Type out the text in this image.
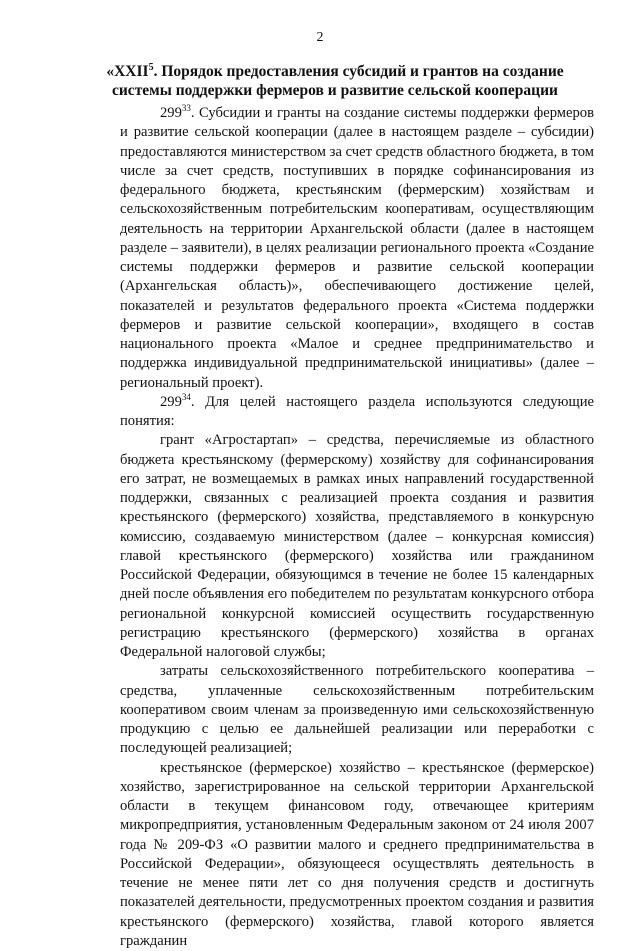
2
«XXII$^5$. Порядок предоставления субсидий и грантов на создание системы поддержки фермеров и развитие сельской кооперации

$299^{33}$. Субсидии и гранты на создание системы поддержки фермеров и развитие сельской кооперации (далее в настоящем разделе – субсидии) предоставляются министерством за счет средств областного бюджета, в том числе за счет средств, поступивших в порядке софинансирования из федерального бюджета, крестьянским (фермерским) хозяйствам и сельскохозяйственным потребительским кооперативам, осуществляющим деятельность на территории Архангельской области (далее в настоящем разделе – заявители), в целях реализации регионального проекта «Создание системы поддержки фермеров и развитие сельской кооперации (Архангельская область)», обеспечивающего достижение целей, показателей и результатов федерального проекта «Система поддержки фермеров и развитие сельской кооперации», входящего в состав национального проекта «Малое и среднее предпринимательство и поддержка индивидуальной предпринимательской инициативы» (далее – региональный проект).

$299^{34}$. Для целей настоящего раздела используются следующие понятия:

грант «Агростартап» – средства, перечисляемые из областного бюджета крестьянскому (фермерскому) хозяйству для софинансирования его затрат, не возмещаемых в рамках иных направлений государственной поддержки, связанных с реализацией проекта создания и развития крестьянского (фермерского) хозяйства, представляемого в конкурсную комиссию, создаваемую министерством (далее – конкурсная комиссия) главой крестьянского (фермерского) хозяйства или гражданином Российской Федерации, обязующимся в течение не более 15 календарных дней после объявления его победителем по результатам конкурсного отбора региональной конкурсной комиссией осуществить государственную регистрацию крестьянского (фермерского) хозяйства в органах Федеральной налоговой службы;

затраты сельскохозяйственного потребительского кооператива – средства, уплаченные сельскохозяйственным потребительским кооперативом своим членам за произведенную ими сельскохозяйственную продукцию с целью ее дальнейшей реализации или переработки с последующей реализацией;

крестьянское (фермерское) хозяйство – крестьянское (фермерское) хозяйство, зарегистрированное на сельской территории Архангельской области в текущем финансовом году, отвечающее критериям микропредприятия, установленным Федеральным законом от 24 июля 2007 года № 209-ФЗ «О развитии малого и среднего предпринимательства в Российской Федерации», обязующееся осуществлять деятельность в течение не менее пяти лет со дня получения средств и достигнуть показателей деятельности, предусмотренных проектом создания и развития крестьянского (фермерского) хозяйства, главой которого является гражданин
